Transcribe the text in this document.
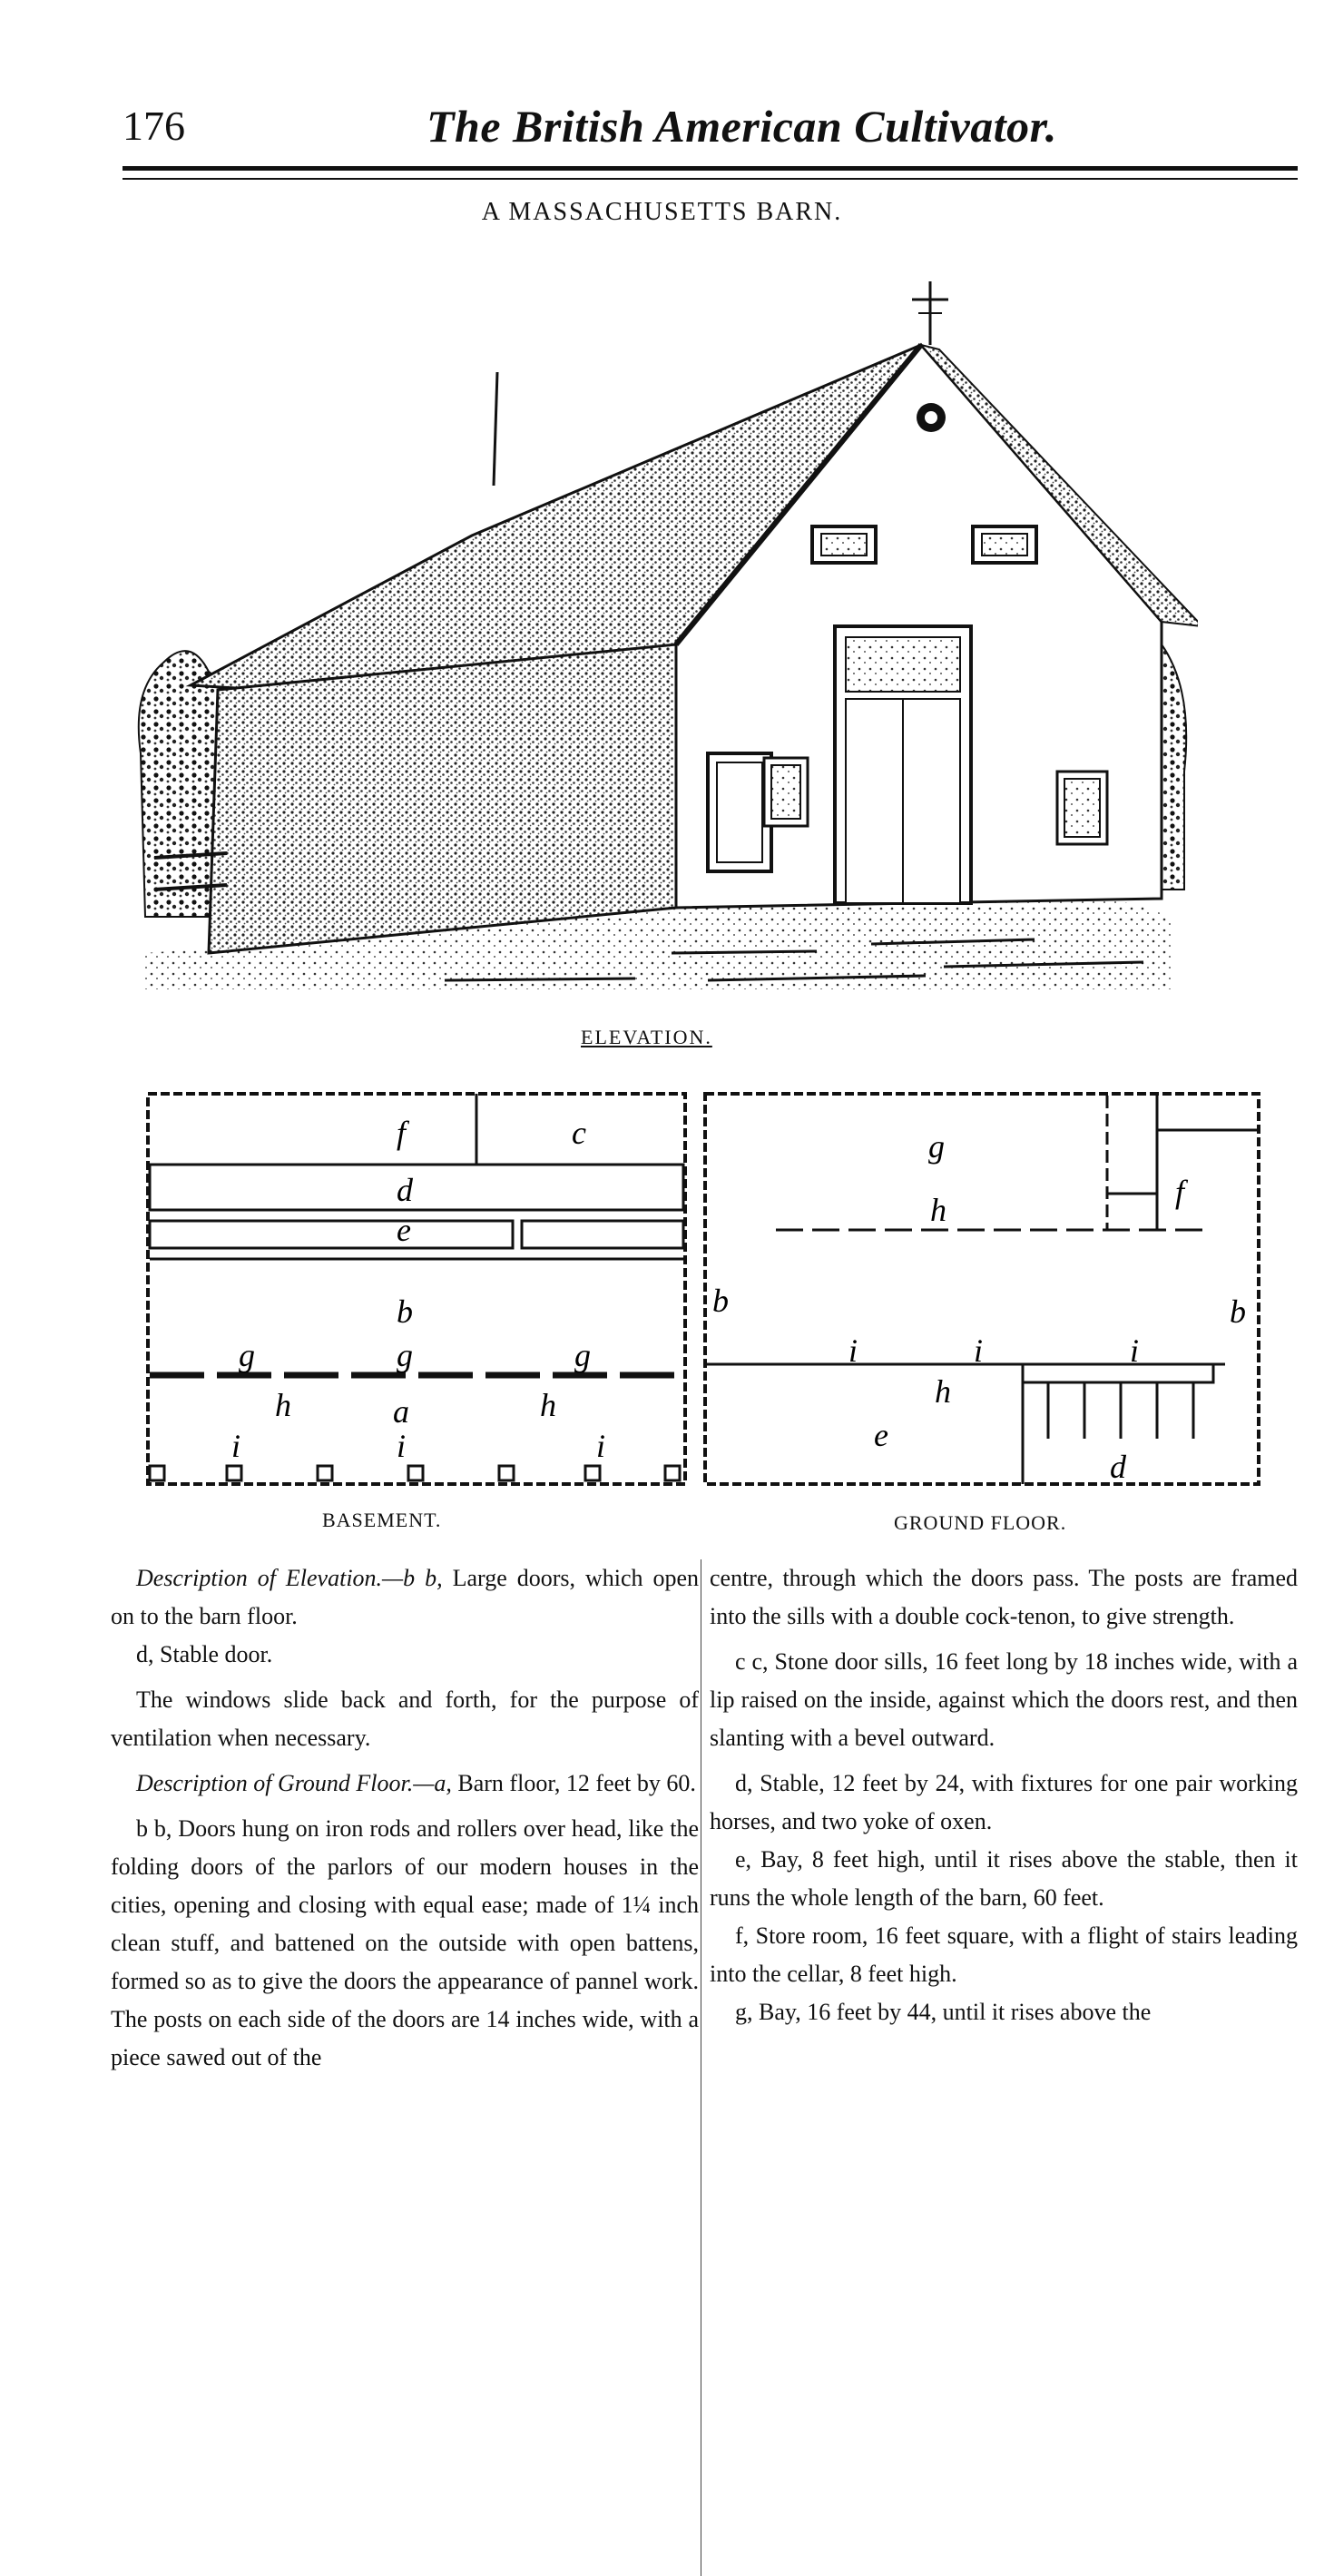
176	The British American Cultivator.
A MASSACHUSETTS BARN.
ELEVATION.
f	c
d
e
b
g	g	g
h	a	h
i	i	i
g
f
h
b	b
i	i	i
h
e
d
BASEMENT.	GROUND FLOOR.

Description of Elevation.—b b, Large doors, which open on to the barn floor.

d, Stable door.

The windows slide back and forth, for the purpose of ventilation when necessary.

Description of Ground Floor.—a, Barn floor, 12 feet by 60.

b b, Doors hung on iron rods and rollers over head, like the folding doors of the parlors of our modern houses in the cities, opening and closing with equal ease; made of 1¼ inch clean stuff, and battened on the outside with open battens, formed so as to give the doors the appearance of pannel work. The posts on each side of the doors are 14 inches wide, with a piece sawed out of the

centre, through which the doors pass. The posts are framed into the sills with a double cock-tenon, to give strength.

c c, Stone door sills, 16 feet long by 18 inches wide, with a lip raised on the inside, against which the doors rest, and then slanting with a bevel outward.

d, Stable, 12 feet by 24, with fixtures for one pair working horses, and two yoke of oxen.

e, Bay, 8 feet high, until it rises above the stable, then it runs the whole length of the barn, 60 feet.

f, Store room, 16 feet square, with a flight of stairs leading into the cellar, 8 feet high.

g, Bay, 16 feet by 44, until it rises above the
